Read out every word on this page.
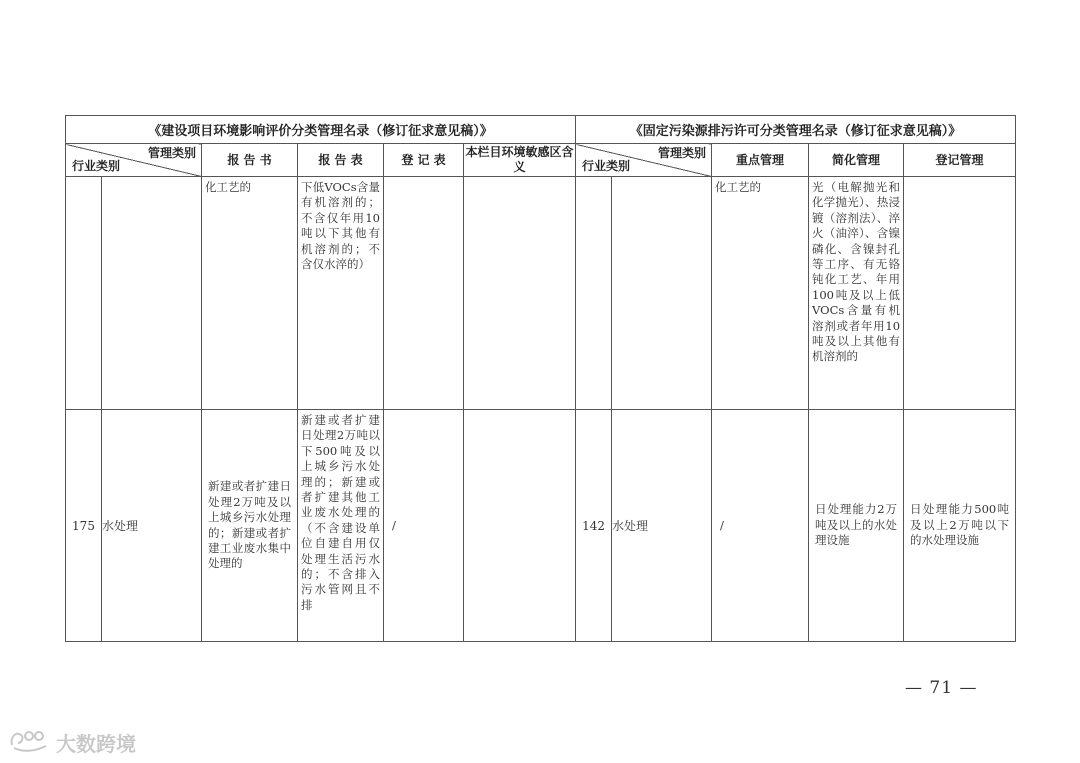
《建设项目环境影响评价分类管理名录（修订征求意见稿）》						《固定污染源排污许可分类管理名录（修订征求意见稿）》				

管理类别
行业类别		报 告 书	报 告 表	登 记 表	本栏目环境敏感区含义	管理类别
行业类别		重点管理	简化管理	登记管理

		化工艺的	下低VOCs含量有机溶剂的；不含仅年用10吨以下其他有机溶剂的；不含仅水淬的）					化工艺的	光（电解抛光和化学抛光）、热浸镀（溶剂法）、淬火（油淬）、含镍磷化、含镍封孔等工序、有无铬钝化工艺、年用100吨及以上低VOCs含量有机溶剂或者年用10吨及以上其他有机溶剂的	

175	水处理	新建或者扩建日处理2万吨及以上城乡污水处理的；新建或者扩建工业废水集中处理的	新建或者扩建日处理2万吨以下500吨及以上城乡污水处理的；新建或者扩建其他工业废水处理的（不含建设单位自建自用仅处理生活污水的；不含排入污水管网且不排	/		142	水处理	/	日处理能力2万吨及以上的水处理设施	日处理能力500吨及以上2万吨以下的水处理设施
— 71 —
大数跨境
